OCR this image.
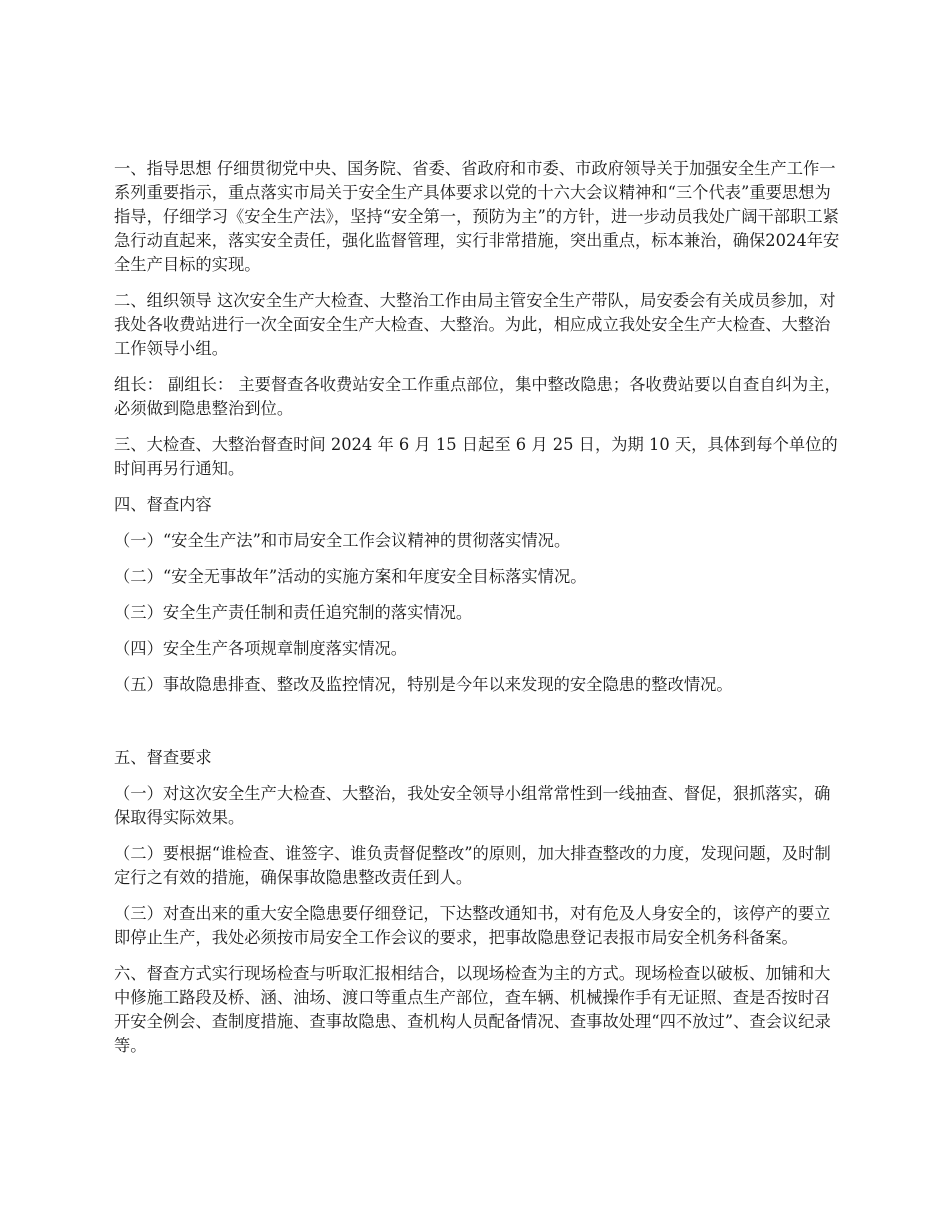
一、指导思想 仔细贯彻党中央、国务院、省委、省政府和市委、市政府领导关于加强安全生产工作一系列重要指示，重点落实市局关于安全生产具体要求以党的十六大会议精神和“三个代表”重要思想为指导，仔细学习《安全生产法》，坚持“安全第一，预防为主”的方针，进一步动员我处广阔干部职工紧急行动直起来，落实安全责任，强化监督管理，实行非常措施，突出重点，标本兼治，确保2024年安全生产目标的实现。

二、组织领导 这次安全生产大检查、大整治工作由局主管安全生产带队，局安委会有关成员参加，对我处各收费站进行一次全面安全生产大检查、大整治。为此，相应成立我处安全生产大检查、大整治工作领导小组。

组长： 副组长： 主要督查各收费站安全工作重点部位，集中整改隐患；各收费站要以自查自纠为主，必须做到隐患整治到位。

三、大检查、大整治督查时间 2024 年 6 月 15 日起至 6 月 25 日，为期 10 天，具体到每个单位的时间再另行通知。

四、督查内容

（一）“安全生产法”和市局安全工作会议精神的贯彻落实情况。

（二）“安全无事故年”活动的实施方案和年度安全目标落实情况。

（三）安全生产责任制和责任追究制的落实情况。

（四）安全生产各项规章制度落实情况。

（五）事故隐患排查、整改及监控情况，特别是今年以来发现的安全隐患的整改情况。

五、督查要求

（一）对这次安全生产大检查、大整治，我处安全领导小组常常性到一线抽查、督促，狠抓落实，确保取得实际效果。

（二）要根据“谁检查、谁签字、谁负责督促整改”的原则，加大排查整改的力度，发现问题，及时制定行之有效的措施，确保事故隐患整改责任到人。

（三）对查出来的重大安全隐患要仔细登记，下达整改通知书，对有危及人身安全的，该停产的要立即停止生产，我处必须按市局安全工作会议的要求，把事故隐患登记表报市局安全机务科备案。

六、督查方式实行现场检查与听取汇报相结合，以现场检查为主的方式。现场检查以破板、加铺和大中修施工路段及桥、涵、油场、渡口等重点生产部位，查车辆、机械操作手有无证照、查是否按时召开安全例会、查制度措施、查事故隐患、查机构人员配备情况、查事故处理“四不放过”、查会议纪录等。
